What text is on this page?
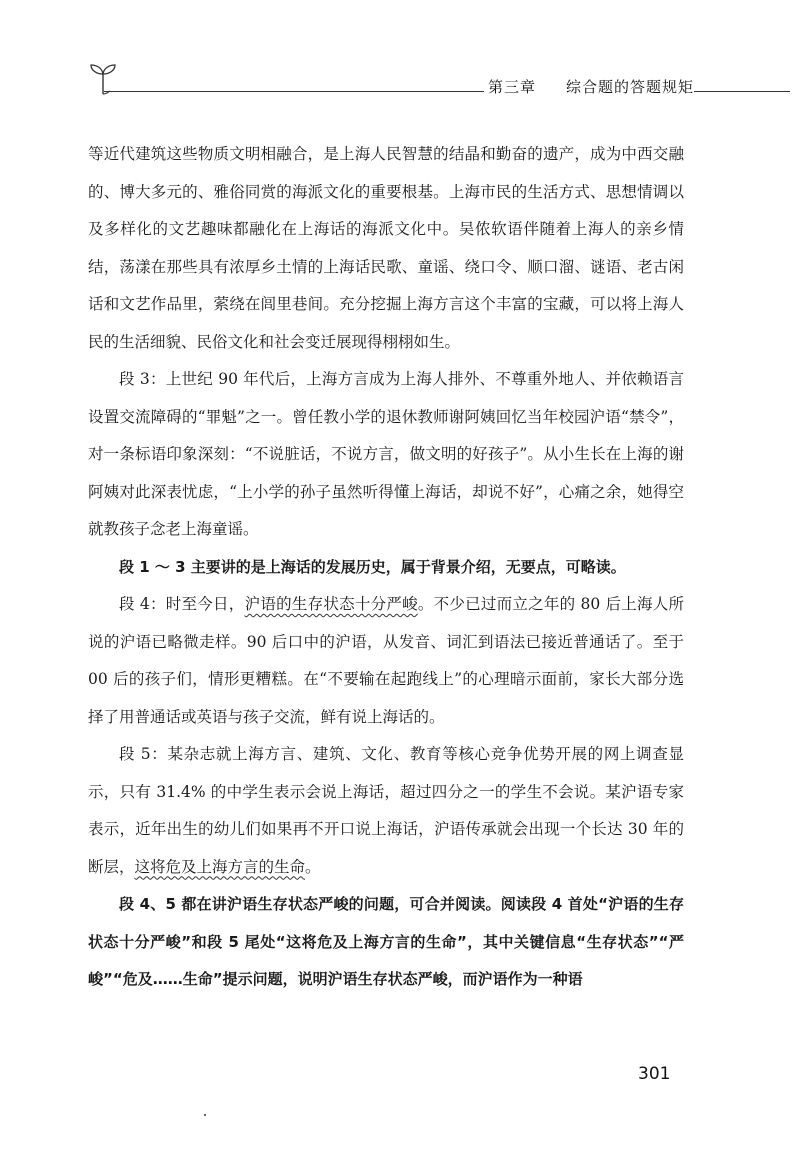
第三章 综合题的答题规矩

等近代建筑这些物质文明相融合，是上海人民智慧的结晶和勤奋的遗产，成为中西交融的、博大多元的、雅俗同赏的海派文化的重要根基。上海市民的生活方式、思想情调以及多样化的文艺趣味都融化在上海话的海派文化中。吴侬软语伴随着上海人的亲乡情结，荡漾在那些具有浓厚乡土情的上海话民歌、童谣、绕口令、顺口溜、谜语、老古闲话和文艺作品里，萦绕在闾里巷间。充分挖掘上海方言这个丰富的宝藏，可以将上海人民的生活细貌、民俗文化和社会变迁展现得栩栩如生。

段 3：上世纪 90 年代后，上海方言成为上海人排外、不尊重外地人、并依赖语言设置交流障碍的“罪魁”之一。曾任教小学的退休教师谢阿姨回忆当年校园沪语“禁令”，对一条标语印象深刻：“不说脏话，不说方言，做文明的好孩子”。从小生长在上海的谢阿姨对此深表忧虑，“上小学的孙子虽然听得懂上海话，却说不好”，心痛之余，她得空就教孩子念老上海童谣。

段 1 ～ 3 主要讲的是上海话的发展历史，属于背景介绍，无要点，可略读。

段 4：时至今日，沪语的生存状态十分严峻。不少已过而立之年的 80 后上海人所说的沪语已略微走样。90 后口中的沪语，从发音、词汇到语法已接近普通话了。至于 00 后的孩子们，情形更糟糕。在“不要输在起跑线上”的心理暗示面前，家长大部分选择了用普通话或英语与孩子交流，鲜有说上海话的。

段 5：某杂志就上海方言、建筑、文化、教育等核心竞争优势开展的网上调查显示，只有 31.4% 的中学生表示会说上海话，超过四分之一的学生不会说。某沪语专家表示，近年出生的幼儿们如果再不开口说上海话，沪语传承就会出现一个长达 30 年的断层，这将危及上海方言的生命。

段 4、5 都在讲沪语生存状态严峻的问题，可合并阅读。阅读段 4 首处“沪语的生存状态十分严峻”和段 5 尾处“这将危及上海方言的生命”，其中关键信息“生存状态”“严峻”“危及……生命”提示问题，说明沪语生存状态严峻，而沪语作为一种语

301
